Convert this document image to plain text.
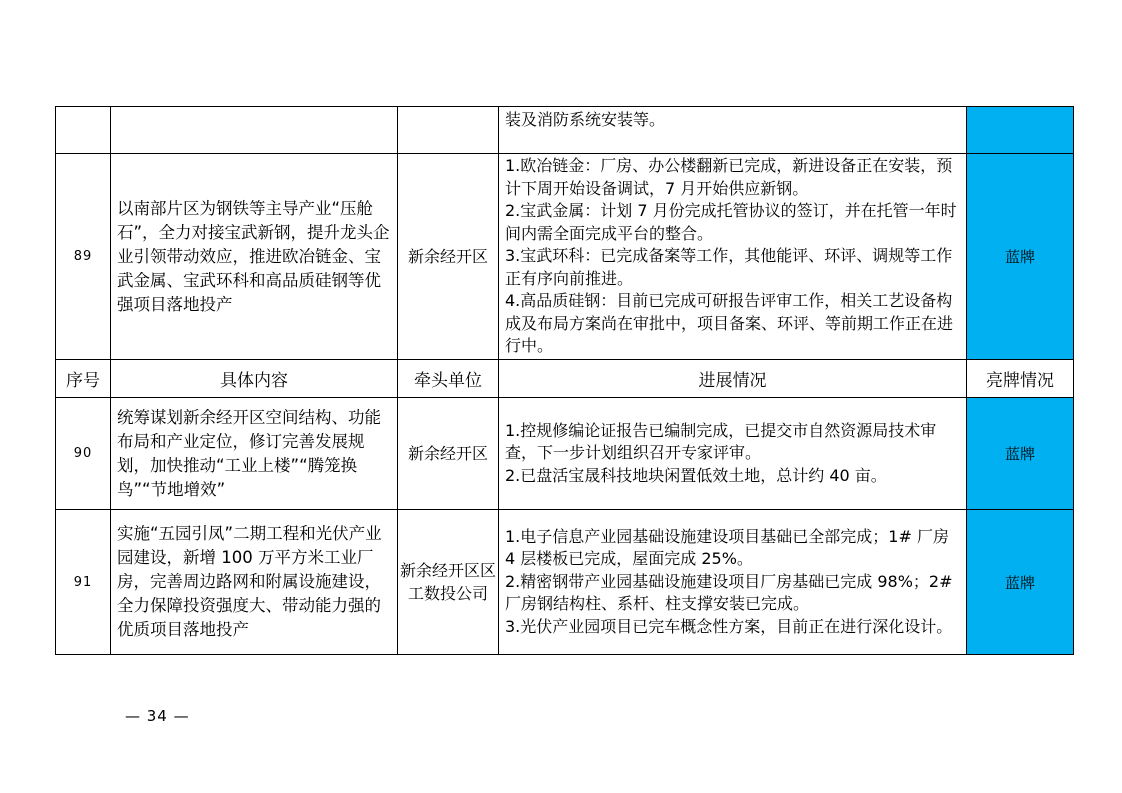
			装及消防系统安装等。	

89	以南部片区为钢铁等主导产业“压舱石”，全力对接宝武新钢，提升龙头企业引领带动效应，推进欧冶链金、宝武金属、宝武环科和高品质硅钢等优强项目落地投产	新余经开区	1.欧冶链金：厂房、办公楼翻新已完成，新进设备正在安装，预计下周开始设备调试，7 月开始供应新钢。
2.宝武金属：计划 7 月份完成托管协议的签订，并在托管一年时间内需全面完成平台的整合。
3.宝武环科：已完成备案等工作，其他能评、环评、调规等工作正有序向前推进。
4.高品质硅钢：目前已完成可研报告评审工作，相关工艺设备构成及布局方案尚在审批中，项目备案、环评、等前期工作正在进行中。	蓝牌
序号	具体内容	牵头单位	进展情况	亮牌情况
90	统筹谋划新余经开区空间结构、功能布局和产业定位，修订完善发展规划，加快推动“工业上楼”“腾笼换鸟”“节地增效”	新余经开区	1.控规修编论证报告已编制完成，已提交市自然资源局技术审查，下一步计划组织召开专家评审。
2.已盘活宝晟科技地块闲置低效土地，总计约 40 亩。	蓝牌
91	实施“五园引凤”二期工程和光伏产业园建设，新增 100 万平方米工业厂房，完善周边路网和附属设施建设，全力保障投资强度大、带动能力强的优质项目落地投产	新余经开区区工数投公司	1.电子信息产业园基础设施建设项目基础已全部完成；1# 厂房 4 层楼板已完成，屋面完成 25%。
2.精密钢带产业园基础设施建设项目厂房基础已完成 98%；2#厂房钢结构柱、系杆、柱支撑安装已完成。
3.光伏产业园项目已完车概念性方案，目前正在进行深化设计。	蓝牌
— 34 —
